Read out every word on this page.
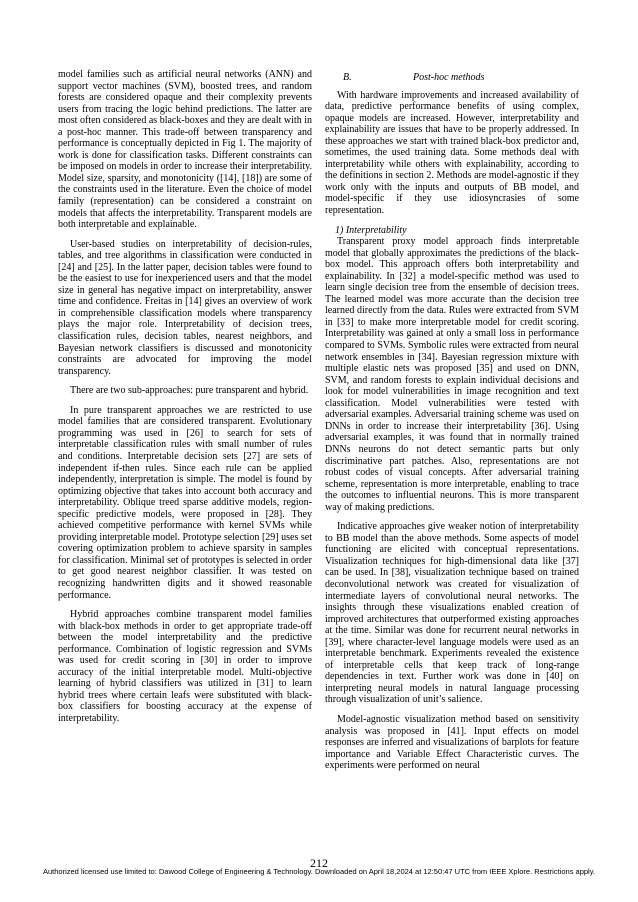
model families such as artificial neural networks (ANN) and support vector machines (SVM), boosted trees, and random forests are considered opaque and their complexity prevents users from tracing the logic behind predictions. The latter are most often considered as black-boxes and they are dealt with in a post-hoc manner. This trade-off between transparency and performance is conceptually depicted in Fig 1. The majority of work is done for classification tasks. Different constraints can be imposed on models in order to increase their interpretability. Model size, sparsity, and monotonicity ([14], [18]) are some of the constraints used in the literature. Even the choice of model family (representation) can be considered a constraint on models that affects the interpretability. Transparent models are both interpretable and explainable.

User-based studies on interpretability of decision-rules, tables, and tree algorithms in classification were conducted in [24] and [25]. In the latter paper, decision tables were found to be the easiest to use for inexperienced users and that the model size in general has negative impact on interpretability, answer time and confidence. Freitas in [14] gives an overview of work in comprehensible classification models where transparency plays the major role. Interpretability of decision trees, classification rules, decision tables, nearest neighbors, and Bayesian network classifiers is discussed and monotonicity constraints are advocated for improving the model transparency.

There are two sub-approaches: pure transparent and hybrid.

In pure transparent approaches we are restricted to use model families that are considered transparent. Evolutionary programming was used in [26] to search for sets of interpretable classification rules with small number of rules and conditions. Interpretable decision sets [27] are sets of independent if-then rules. Since each rule can be applied independently, interpretation is simple. The model is found by optimizing objective that takes into account both accuracy and interpretability. Oblique treed sparse additive models, region-specific predictive models, were proposed in [28]. They achieved competitive performance with kernel SVMs while providing interpretable model. Prototype selection [29] uses set covering optimization problem to achieve sparsity in samples for classification. Minimal set of prototypes is selected in order to get good nearest neighbor classifier. It was tested on recognizing handwritten digits and it showed reasonable performance.

Hybrid approaches combine transparent model families with black-box methods in order to get appropriate trade-off between the model interpretability and the predictive performance. Combination of logistic regression and SVMs was used for credit scoring in [30] in order to improve accuracy of the initial interpretable model. Multi-objective learning of hybrid classifiers was utilized in [31] to learn hybrid trees where certain leafs were substituted with black-box classifiers for boosting accuracy at the expense of interpretability.

B.	Post-hoc methods

With hardware improvements and increased availability of data, predictive performance benefits of using complex, opaque models are increased. However, interpretability and explainability are issues that have to be properly addressed. In these approaches we start with trained black-box predictor and, sometimes, the used training data. Some methods deal with interpretability while others with explainability, according to the definitions in section 2. Methods are model-agnostic if they work only with the inputs and outputs of BB model, and model-specific if they use idiosyncrasies of some representation.

1) Interpretability

Transparent proxy model approach finds interpretable model that globally approximates the predictions of the black-box model. This approach offers both interpretability and explainability. In [32] a model-specific method was used to learn single decision tree from the ensemble of decision trees. The learned model was more accurate than the decision tree learned directly from the data. Rules were extracted from SVM in [33] to make more interpretable model for credit scoring. Interpretability was gained at only a small loss in performance compared to SVMs. Symbolic rules were extracted from neural network ensembles in [34]. Bayesian regression mixture with multiple elastic nets was proposed [35] and used on DNN, SVM, and random forests to explain individual decisions and look for model vulnerabilities in image recognition and text classification. Model vulnerabilities were tested with adversarial examples. Adversarial training scheme was used on DNNs in order to increase their interpretability [36]. Using adversarial examples, it was found that in normally trained DNNs neurons do not detect semantic parts but only discriminative part patches. Also, representations are not robust codes of visual concepts. After adversarial training scheme, representation is more interpretable, enabling to trace the outcomes to influential neurons. This is more transparent way of making predictions.

Indicative approaches give weaker notion of interpretability to BB model than the above methods. Some aspects of model functioning are elicited with conceptual representations. Visualization techniques for high-dimensional data like [37] can be used. In [38], visualization technique based on trained deconvolutional network was created for visualization of intermediate layers of convolutional neural networks. The insights through these visualizations enabled creation of improved architectures that outperformed existing approaches at the time. Similar was done for recurrent neural networks in [39], where character-level language models were used as an interpretable benchmark. Experiments revealed the existence of interpretable cells that keep track of long-range dependencies in text. Further work was done in [40] on interpreting neural models in natural language processing through visualization of unit’s salience.

Model-agnostic visualization method based on sensitivity analysis was proposed in [41]. Input effects on model responses are inferred and visualizations of barplots for feature importance and Variable Effect Characteristic curves. The experiments were performed on neural

212
Authorized licensed use limited to: Dawood College of Engineering & Technology. Downloaded on April 18,2024 at 12:50:47 UTC from IEEE Xplore. Restrictions apply.
